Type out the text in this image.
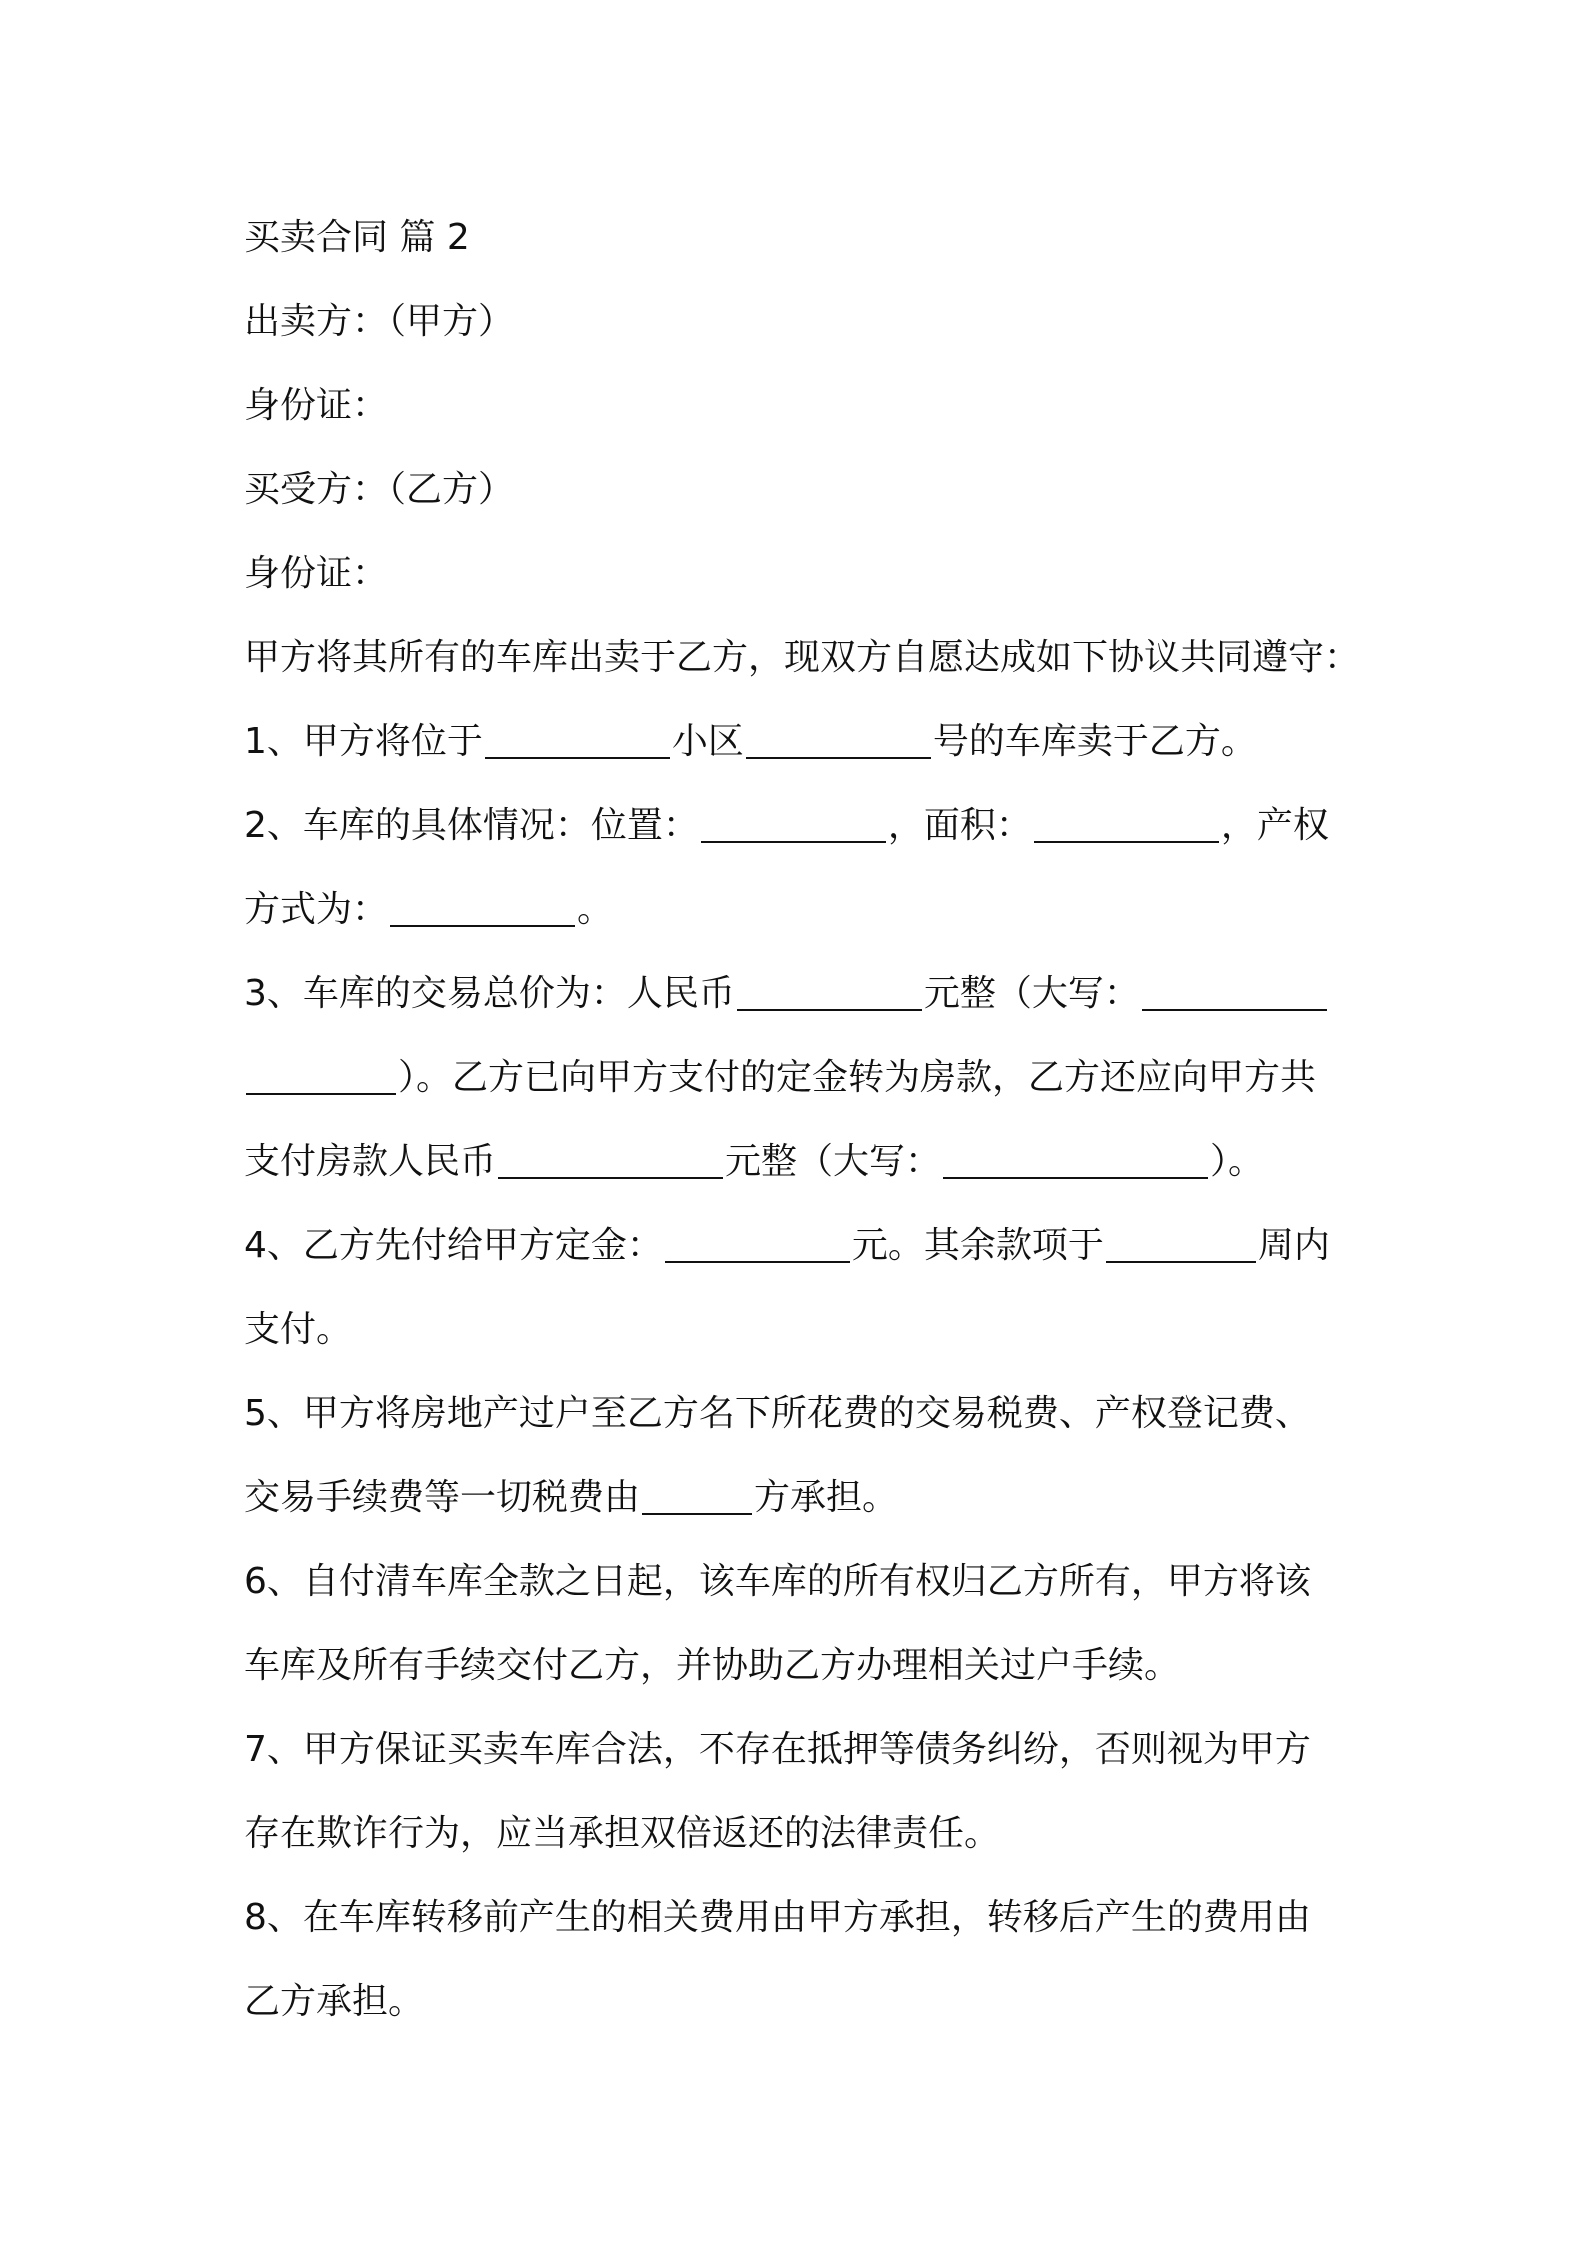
买卖合同 篇 2
出卖方：（甲方）
身份证：
买受方：（乙方）
身份证：
甲方将其所有的车库出卖于乙方，现双方自愿达成如下协议共同遵守：
1、甲方将位于	小区	号的车库卖于乙方。
2、车库的具体情况：位置：	，面积：	，产权
方式为：	。
3、车库的交易总价为：人民币	元整（大写：
）。乙方已向甲方支付的定金转为房款，乙方还应向甲方共
支付房款人民币	元整（大写：	）。
4、乙方先付给甲方定金：	元。其余款项于	周内
支付。
5、甲方将房地产过户至乙方名下所花费的交易税费、产权登记费、
交易手续费等一切税费由	方承担。
6、自付清车库全款之日起，该车库的所有权归乙方所有，甲方将该
车库及所有手续交付乙方，并协助乙方办理相关过户手续。
7、甲方保证买卖车库合法，不存在抵押等债务纠纷，否则视为甲方
存在欺诈行为，应当承担双倍返还的法律责任。
8、在车库转移前产生的相关费用由甲方承担，转移后产生的费用由
乙方承担。
